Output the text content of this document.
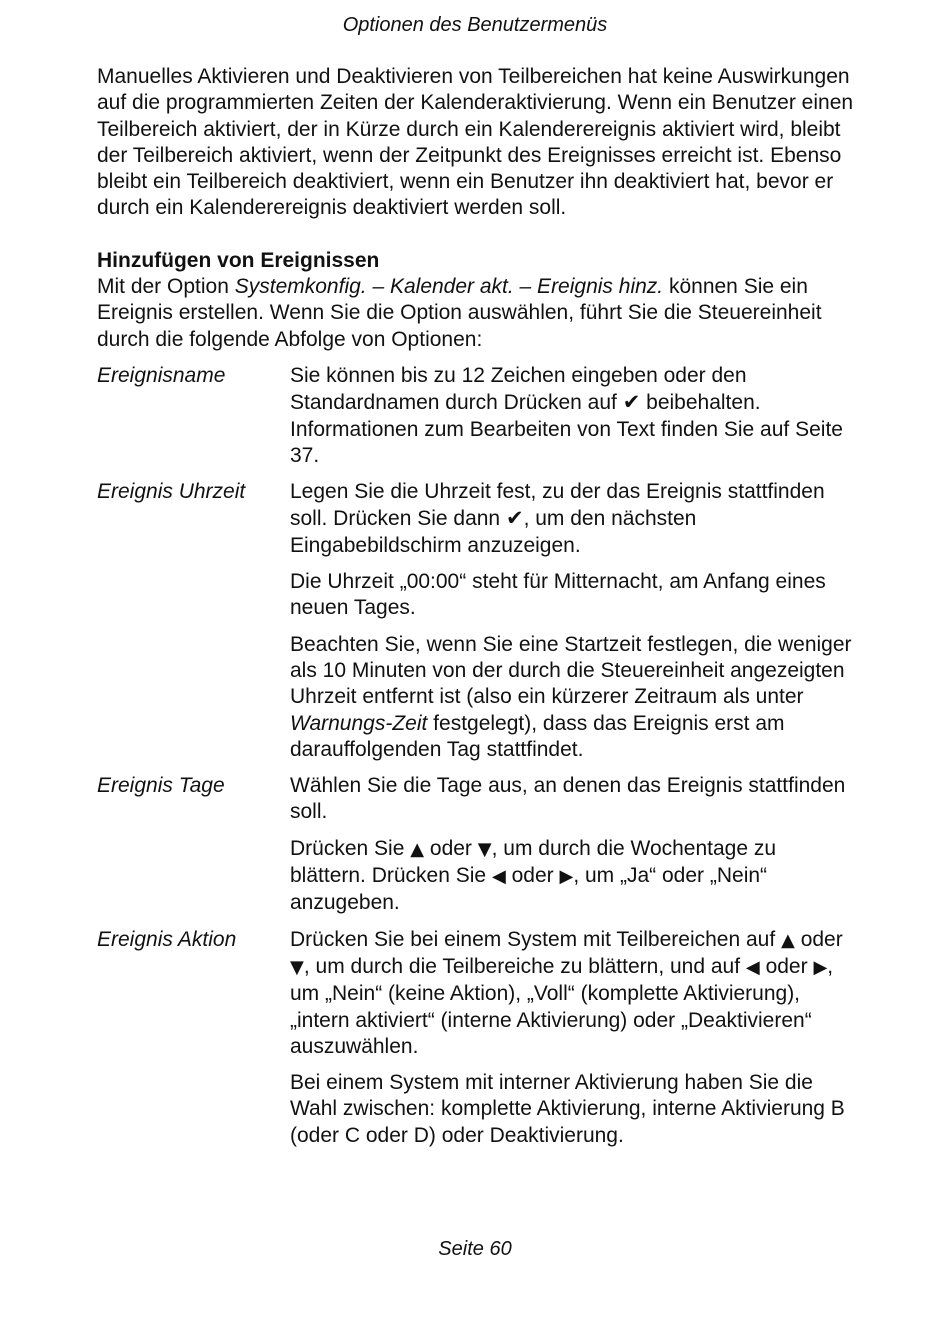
Optionen des Benutzermenüs

Manuelles Aktivieren und Deaktivieren von Teilbereichen hat keine Auswirkungen auf die programmierten Zeiten der Kalenderaktivierung. Wenn ein Benutzer einen Teilbereich aktiviert, der in Kürze durch ein Kalenderereignis aktiviert wird, bleibt der Teilbereich aktiviert, wenn der Zeitpunkt des Ereignisses erreicht ist. Ebenso bleibt ein Teilbereich deaktiviert, wenn ein Benutzer ihn deaktiviert hat, bevor er durch ein Kalenderereignis deaktiviert werden soll.

Hinzufügen von Ereignissen

Mit der Option Systemkonfig. – Kalender akt. – Ereignis hinz. können Sie ein Ereignis erstellen. Wenn Sie die Option auswählen, führt Sie die Steuereinheit durch die folgende Abfolge von Optionen:

Ereignisname	Sie können bis zu 12 Zeichen eingeben oder den Standardnamen durch Drücken auf ✔ beibehalten. Informationen zum Bearbeiten von Text finden Sie auf Seite 37.

Ereignis Uhrzeit	Legen Sie die Uhrzeit fest, zu der das Ereignis stattfinden soll. Drücken Sie dann ✔, um den nächsten Eingabebildschirm anzuzeigen.

Die Uhrzeit „00:00“ steht für Mitternacht, am Anfang eines neuen Tages.

Beachten Sie, wenn Sie eine Startzeit festlegen, die weniger als 10 Minuten von der durch die Steuereinheit angezeigten Uhrzeit entfernt ist (also ein kürzerer Zeitraum als unter Warnungs-Zeit festgelegt), dass das Ereignis erst am darauffolgenden Tag stattfindet.

Ereignis Tage	Wählen Sie die Tage aus, an denen das Ereignis stattfinden soll.

Drücken Sie ▲ oder ▼, um durch die Wochentage zu blättern. Drücken Sie ◀ oder ▶, um „Ja“ oder „Nein“ anzugeben.

Ereignis Aktion	Drücken Sie bei einem System mit Teilbereichen auf ▲ oder ▼, um durch die Teilbereiche zu blättern, und auf ◀ oder ▶, um „Nein“ (keine Aktion), „Voll“ (komplette Aktivierung), „intern aktiviert“ (interne Aktivierung) oder „Deaktivieren“ auszuwählen.

Bei einem System mit interner Aktivierung haben Sie die Wahl zwischen: komplette Aktivierung, interne Aktivierung B (oder C oder D) oder Deaktivierung.

Seite 60
